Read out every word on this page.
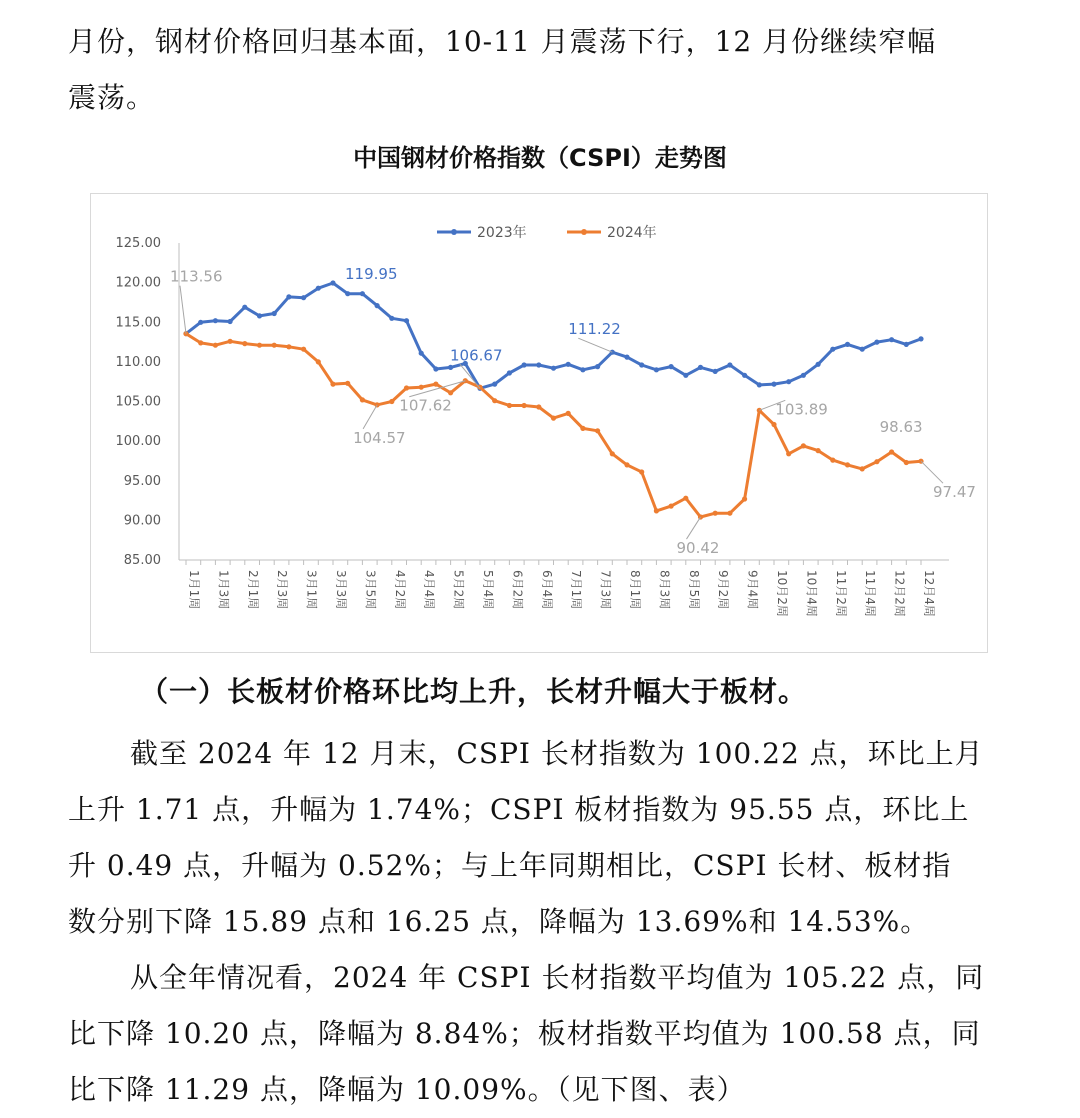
月份，钢材价格回归基本面，10-11 月震荡下行，12 月份继续窄幅

震荡。

中国钢材价格指数（CSPI）走势图
2023年	2024年
85.00
90.00
95.00
100.00
105.00
110.00
115.00
120.00
125.00
1月1周 1月3周 2月1周 2月3周 3月1周 3月3周 3月5周 4月2周 4月4周 5月2周 5月4周 6月2周 6月4周 7月1周 7月3周 8月1周 8月3周 8月5周 9月2周 9月4周 10月2周 10月4周 11月2周 11月4周 12月2周 12月4周
113.56	119.95
106.67
111.22
104.57
107.62
90.42
103.89
98.63
97.47

（一）长板材价格环比均上升，长材升幅大于板材。

截至 2024 年 12 月末，CSPI 长材指数为 100.22 点，环比上月

上升 1.71 点，升幅为 1.74%；CSPI 板材指数为 95.55 点，环比上

升 0.49 点，升幅为 0.52%；与上年同期相比，CSPI 长材、板材指

数分别下降 15.89 点和 16.25 点，降幅为 13.69%和 14.53%。

从全年情况看，2024 年 CSPI 长材指数平均值为 105.22 点，同

比下降 10.20 点，降幅为 8.84%；板材指数平均值为 100.58 点，同

比下降 11.29 点，降幅为 10.09%。（见下图、表）
